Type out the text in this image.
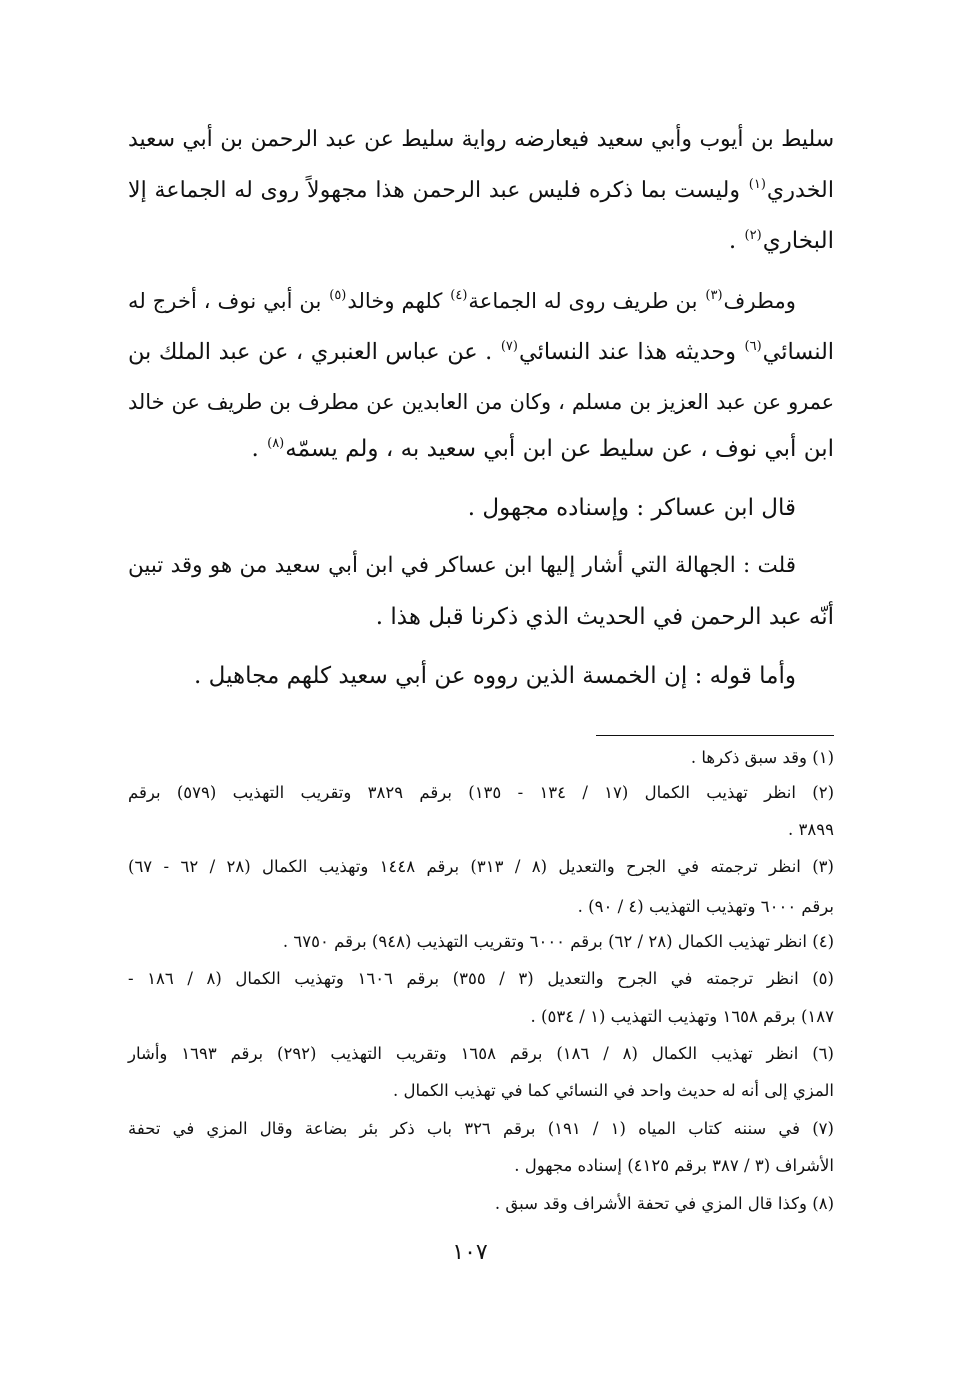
سليط بن أيوب وأبي سعيد فيعارضه رواية سليط عن عبد الرحمن بن أبي سعيد
الخدري$^{(١)}$ وليست بما ذكره فليس عبد الرحمن هذا مجهولاً روى له الجماعة إلا
البخاري$^{(٢)}$ .
ومطرف$^{(٣)}$ بن طريف روى له الجماعة$^{(٤)}$ كلهم وخالد$^{(٥)}$ بن أبي نوف ، أخرج له
النسائي$^{(٦)}$ وحديثه هذا عند النسائي$^{(٧)}$ . عن عباس العنبري ، عن عبد الملك بن
عمرو عن عبد العزيز بن مسلم ، وكان من العابدين عن مطرف بن طريف عن خالد
ابن أبي نوف ، عن سليط عن ابن أبي سعيد به ، ولم يسمّه$^{(٨)}$ .
قال ابن عساكر : وإسناده مجهول .
قلت : الجهالة التي أشار إليها ابن عساكر في ابن أبي سعيد من هو وقد تبين
أنّه عبد الرحمن في الحديث الذي ذكرنا قبل هذا .
وأما قوله : إن الخمسة الذين رووه عن أبي سعيد كلهم مجاهيل .
(١) وقد سبق ذكرها .
(٢) انظر تهذيب الكمال (١٧ / ١٣٤ - ١٣٥) برقم ٣٨٢٩ وتقريب التهذيب (٥٧٩) برقم
٣٨٩٩ .
(٣) انظر ترجمته في الجرح والتعديل (٨ / ٣١٣) برقم ١٤٤٨ وتهذيب الكمال (٢٨ / ٦٢ - ٦٧)
برقم ٦٠٠٠ وتهذيب التهذيب (٤ / ٩٠) .
(٤) انظر تهذيب الكمال (٢٨ / ٦٢) برقم ٦٠٠٠ وتقريب التهذيب (٩٤٨) برقم ٦٧٥٠ .
(٥) انظر ترجمته في الجرح والتعديل (٣ / ٣٥٥) برقم ١٦٠٦ وتهذيب الكمال (٨ / ١٨٦ -
١٨٧) برقم ١٦٥٨ وتهذيب التهذيب (١ / ٥٣٤) .
(٦) انظر تهذيب الكمال (٨ / ١٨٦) برقم ١٦٥٨ وتقريب التهذيب (٢٩٢) برقم ١٦٩٣ وأشار
المزي إلى أنه له حديث واحد في النسائي كما في تهذيب الكمال .
(٧) في سننه كتاب المياه (١ / ١٩١) برقم ٣٢٦ باب ذكر بئر بضاعة وقال المزي في تحفة
الأشراف (٣ / ٣٨٧ برقم ٤١٢٥) إسناده مجهول .
(٨) وكذا قال المزي في تحفة الأشراف وقد سبق .
١٠٧
